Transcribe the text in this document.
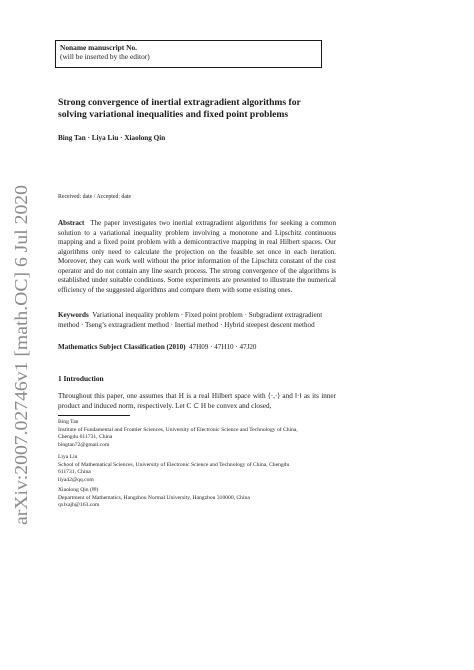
arXiv:2007.02746v1 [math.OC] 6 Jul 2020
Noname manuscript No.
(will be inserted by the editor)
Strong convergence of inertial extragradient algorithms for
solving variational inequalities and fixed point problems
Bing Tan · Liya Liu · Xiaolong Qin
Received: date / Accepted: date
Abstract The paper investigates two inertial extragradient algorithms for seeking a common solution to a variational inequality problem involving a monotone and Lipschitz continuous mapping and a fixed point problem with a demicontractive mapping in real Hilbert spaces. Our algorithms only need to calculate the projection on the feasible set once in each iteration. Moreover, they can work well without the prior information of the Lipschitz constant of the cost operator and do not contain any line search process. The strong convergence of the algorithms is established under suitable conditions. Some experiments are presented to illustrate the numerical efficiency of the suggested algorithms and compare them with some existing ones.
Keywords Variational inequality problem · Fixed point problem · Subgradient extragradient method · Tseng’s extragradient method · Inertial method · Hybrid steepest descent method
Mathematics Subject Classification (2010) 47H09 · 47H10 · 47J20
1 Introduction
Throughout this paper, one assumes that H is a real Hilbert space with ⟨·,·⟩ and ‖·‖ as its inner product and induced norm, respectively. Let C ⊂ H be convex and closed,
Bing Tan
Institute of Fundamental and Frontier Sciences, University of Electronic Science and Technology of China,
Chengdu 611731, China
bingtan72@gmail.com
Liya Liu
School of Mathematical Sciences, University of Electronic Science and Technology of China, Chengdu
611731, China
liya42@qq.com
Xiaolong Qin (✉)
Department of Mathematics, Hangzhou Normal University, Hangzhou 310000, China
qxlxajh@163.com
